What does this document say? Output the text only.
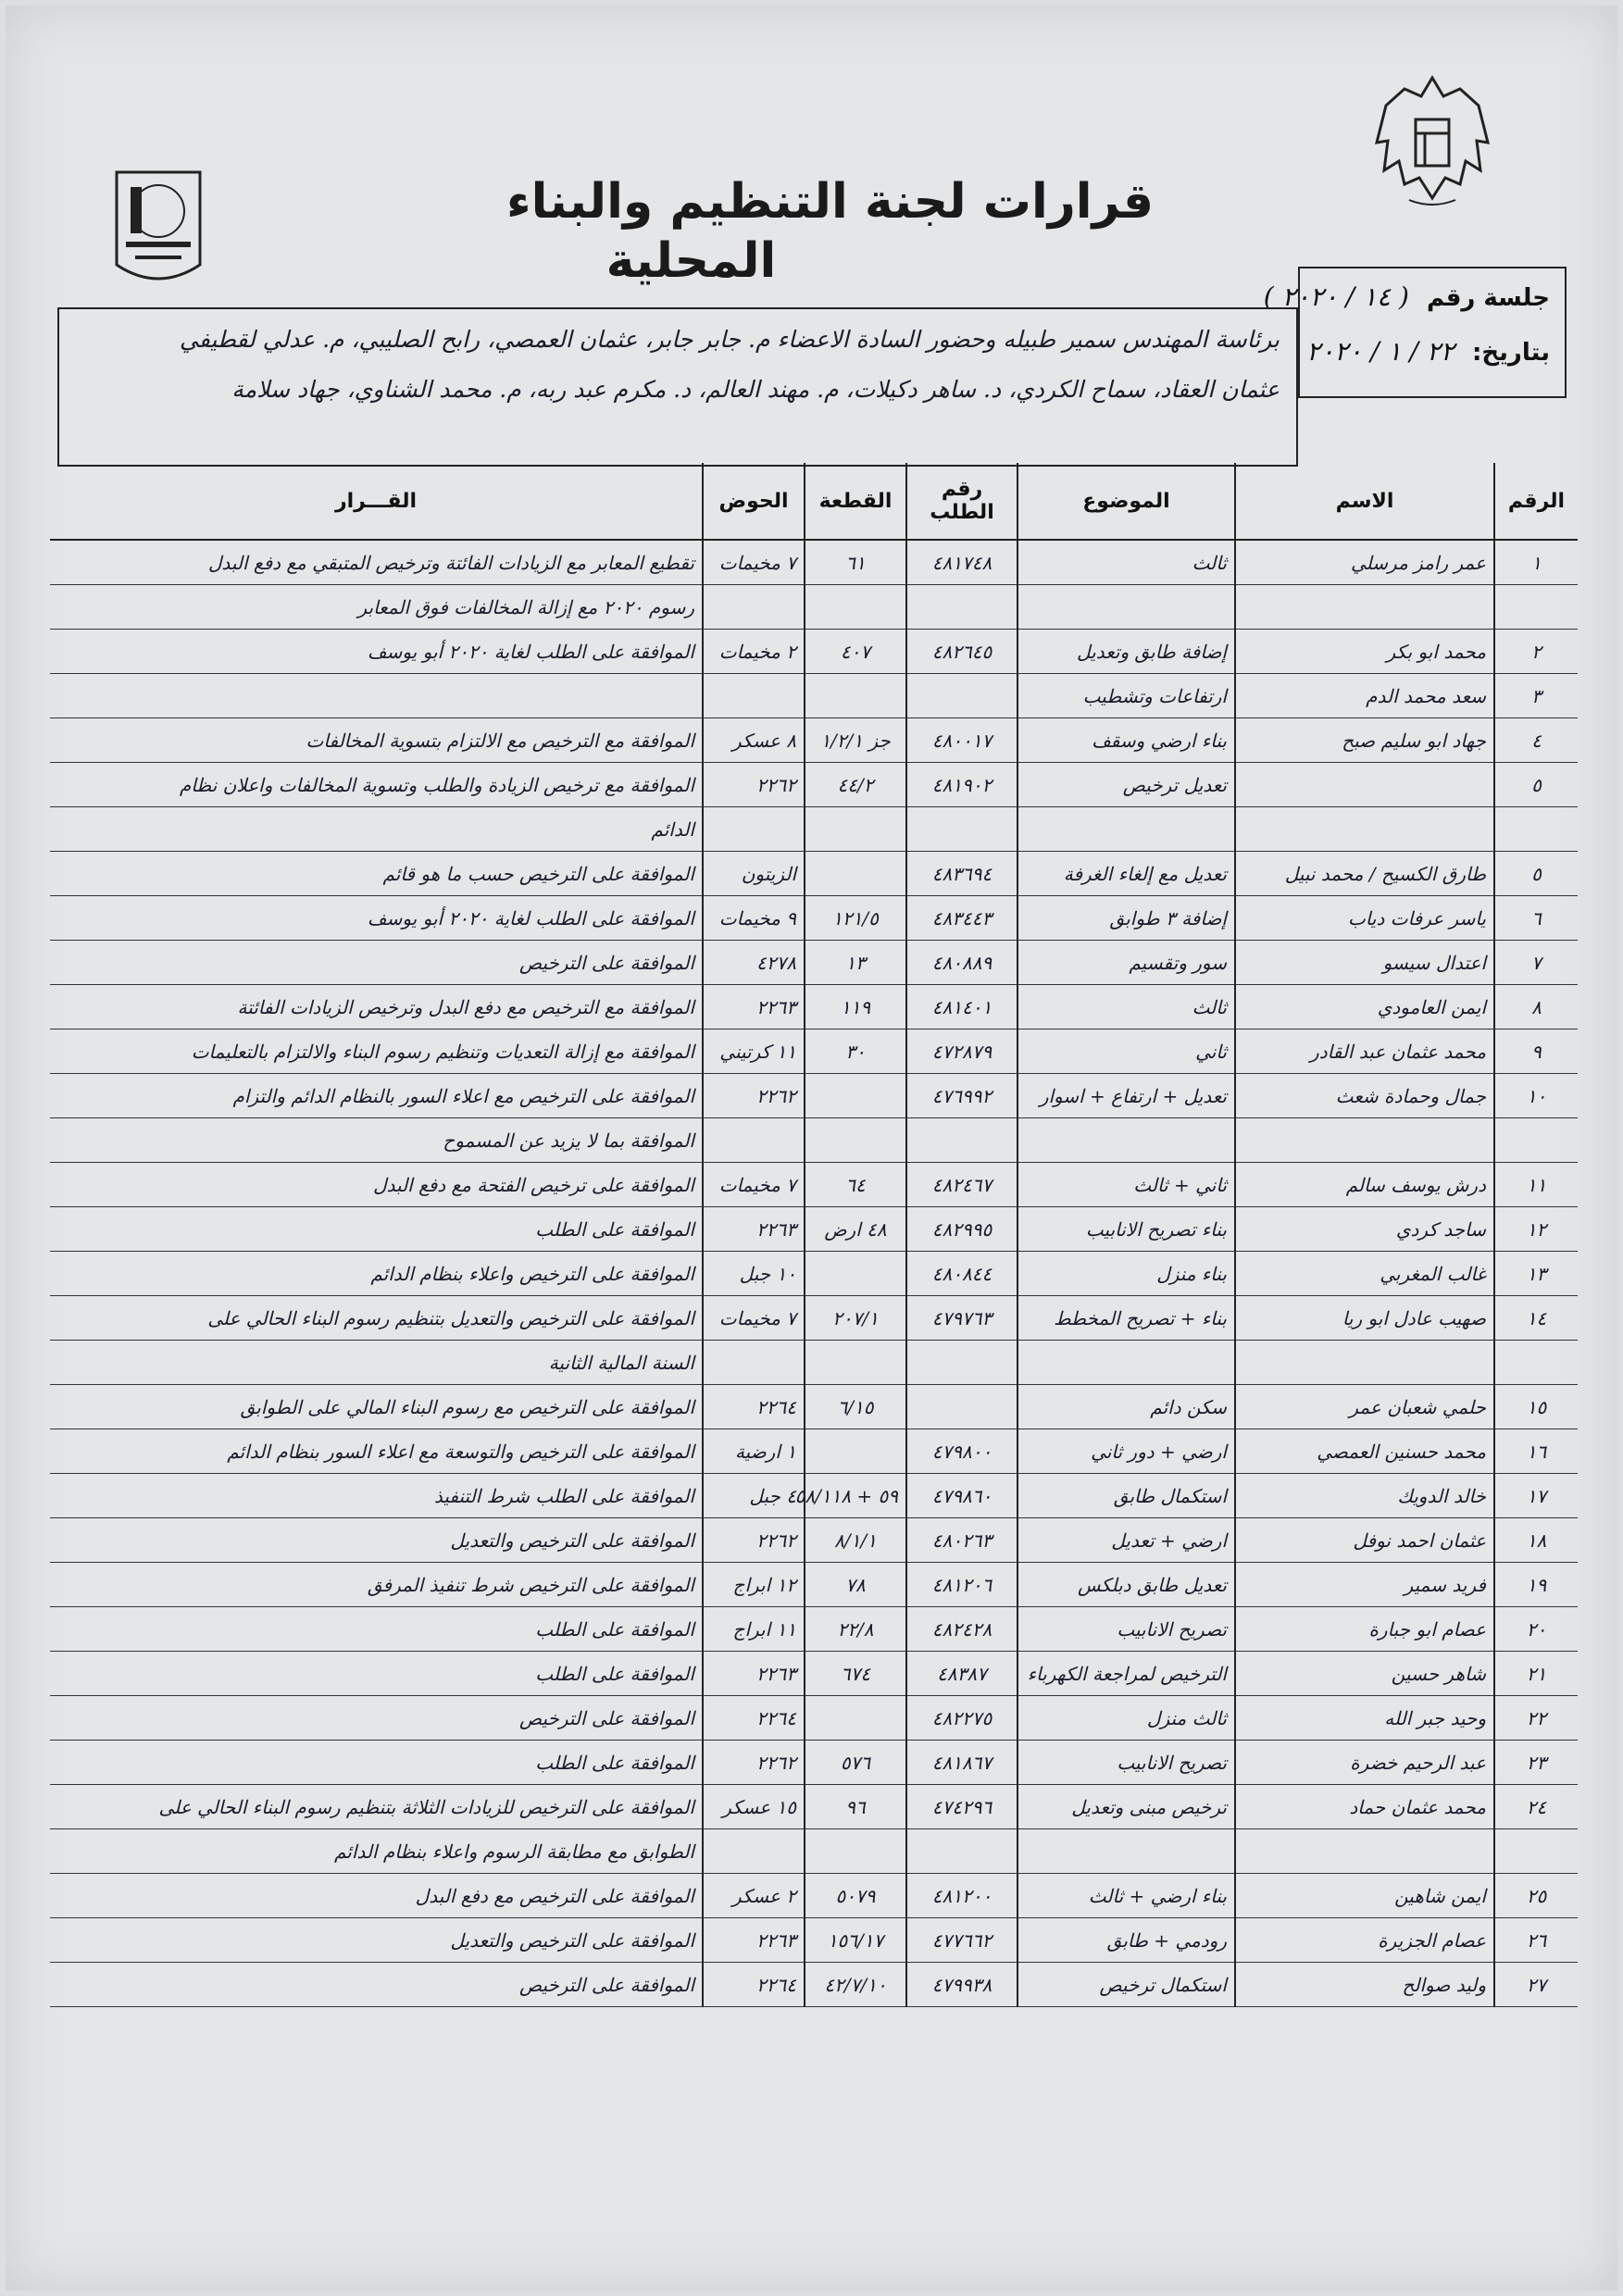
قرارات لجنة التنظيم والبناء
المحلية
جلسة رقم ( ١٤ / ٢٠٢٠ )
بتاريخ: ٢٢ / ١ / ٢٠٢٠
برئاسة المهندس سمير طبيله وحضور السادة الاعضاء م. جابر جابر، عثمان العمصي، رابح الصليبي، م. عدلي لقطيفي
عثمان العقاد، سماح الكردي، د. ساهر دكيلات، م. مهند العالم، د. مكرم عبد ربه، م. محمد الشناوي، جهاد سلامة
الرقم	الاسم	الموضوع	رقم الطلب	القطعة	الحوض	القـــرار
١	عمر رامز مرسلي	ثالث	٤٨١٧٤٨	٦١	٧ مخيمات	تقطيع المعابر مع الزيادات الفائتة وترخيص المتبقي مع دفع البدل
						رسوم ٢٠٢٠ مع إزالة المخالفات فوق المعابر
٢	محمد ابو بكر	إضافة طابق وتعديل	٤٨٢٦٤٥	٤٠٧	٢ مخيمات	الموافقة على الطلب لغاية ٢٠٢٠ أبو يوسف
٣	سعد محمد الدم	ارتفاعات وتشطيب				
٤	جهاد ابو سليم صبح	بناء ارضي وسقف	٤٨٠٠١٧	جز ١/٢/١	٨ عسكر	الموافقة مع الترخيص مع الالتزام بتسوية المخالفات
٥		تعديل ترخيص	٤٨١٩٠٢	٤٤/٢	٢٢٦٢	الموافقة مع ترخيص الزيادة والطلب وتسوية المخالفات واعلان نظام
						الدائم
٥	طارق الكسيح / محمد نبيل	تعديل مع إلغاء الغرفة	٤٨٣٦٩٤		الزيتون	الموافقة على الترخيص حسب ما هو قائم
٦	ياسر عرفات دياب	إضافة ٣ طوابق	٤٨٣٤٤٣	١٢١/٥	٩ مخيمات	الموافقة على الطلب لغاية ٢٠٢٠ أبو يوسف
٧	اعتدال سيسو	سور وتقسيم	٤٨٠٨٨٩	١٣	٤٢٧٨	الموافقة على الترخيص
٨	ايمن العامودي	ثالث	٤٨١٤٠١	١١٩	٢٢٦٣	الموافقة مع الترخيص مع دفع البدل وترخيص الزيادات الفائتة
٩	محمد عثمان عبد القادر	ثاني	٤٧٢٨٧٩	٣٠	١١ كرتيني	الموافقة مع إزالة التعديات وتنظيم رسوم البناء والالتزام بالتعليمات
١٠	جمال وحمادة شعث	تعديل + ارتفاع + اسوار	٤٧٦٩٩٢		٢٢٦٢	الموافقة على الترخيص مع اعلاء السور بالنظام الدائم والتزام
						الموافقة بما لا يزيد عن المسموح
١١	درش يوسف سالم	ثاني + ثالث	٤٨٢٤٦٧	٦٤	٧ مخيمات	الموافقة على ترخيص الفتحة مع دفع البدل
١٢	ساجد كردي	بناء تصريح الانابيب	٤٨٢٩٩٥	٤٨ ارض	٢٢٦٣	الموافقة على الطلب
١٣	غالب المغربي	بناء منزل	٤٨٠٨٤٤		١٠ جبل	الموافقة على الترخيص واعلاء بنظام الدائم
١٤	صهيب عادل ابو ريا	بناء + تصريح المخطط	٤٧٩٧٦٣	٢٠٧/١	٧ مخيمات	الموافقة على الترخيص والتعديل بتنظيم رسوم البناء الحالي على
						السنة المالية الثانية
١٥	حلمي شعبان عمر	سكن دائم		٦/١٥	٢٢٦٤	الموافقة على الترخيص مع رسوم البناء المالي على الطوابق
١٦	محمد حسنين العمصي	ارضي + دور ثاني	٤٧٩٨٠٠		١ ارضية	الموافقة على الترخيص والتوسعة مع اعلاء السور بنظام الدائم
١٧	خالد الدويك	استكمال طابق	٤٧٩٨٦٠	٥٩ + ٥٨/١١٨	٤ جبل	الموافقة على الطلب شرط التنفيذ
١٨	عثمان احمد نوفل	ارضي + تعديل	٤٨٠٢٦٣	٨/١/١	٢٢٦٢	الموافقة على الترخيص والتعديل
١٩	فريد سمير	تعديل طابق دبلكس	٤٨١٢٠٦	٧٨	١٢ ابراج	الموافقة على الترخيص شرط تنفيذ المرفق
٢٠	عصام ابو جبارة	تصريح الانابيب	٤٨٢٤٢٨	٢٢/٨	١١ ابراج	الموافقة على الطلب
٢١	شاهر حسين	الترخيص لمراجعة الكهرباء	٤٨٣٨٧	٦٧٤	٢٢٦٣	الموافقة على الطلب
٢٢	وحيد جبر الله	ثالث منزل	٤٨٢٢٧٥		٢٢٦٤	الموافقة على الترخيص
٢٣	عبد الرحيم خضرة	تصريح الانابيب	٤٨١٨٦٧	٥٧٦	٢٢٦٢	الموافقة على الطلب
٢٤	محمد عثمان حماد	ترخيص مبنى وتعديل	٤٧٤٢٩٦	٩٦	١٥ عسكر	الموافقة على الترخيص للزيادات الثلاثة بتنظيم رسوم البناء الحالي على
						الطوابق مع مطابقة الرسوم واعلاء بنظام الدائم
٢٥	ايمن شاهين	بناء ارضي + ثالث	٤٨١٢٠٠	٥٠٧٩	٢ عسكر	الموافقة على الترخيص مع دفع البدل
٢٦	عصام الجزيرة	رودمي + طابق	٤٧٧٦٦٢	١٥٦/١٧	٢٢٦٣	الموافقة على الترخيص والتعديل
٢٧	وليد صوالح	استكمال ترخيص	٤٧٩٩٣٨	٤٢/٧/١٠	٢٢٦٤	الموافقة على الترخيص
